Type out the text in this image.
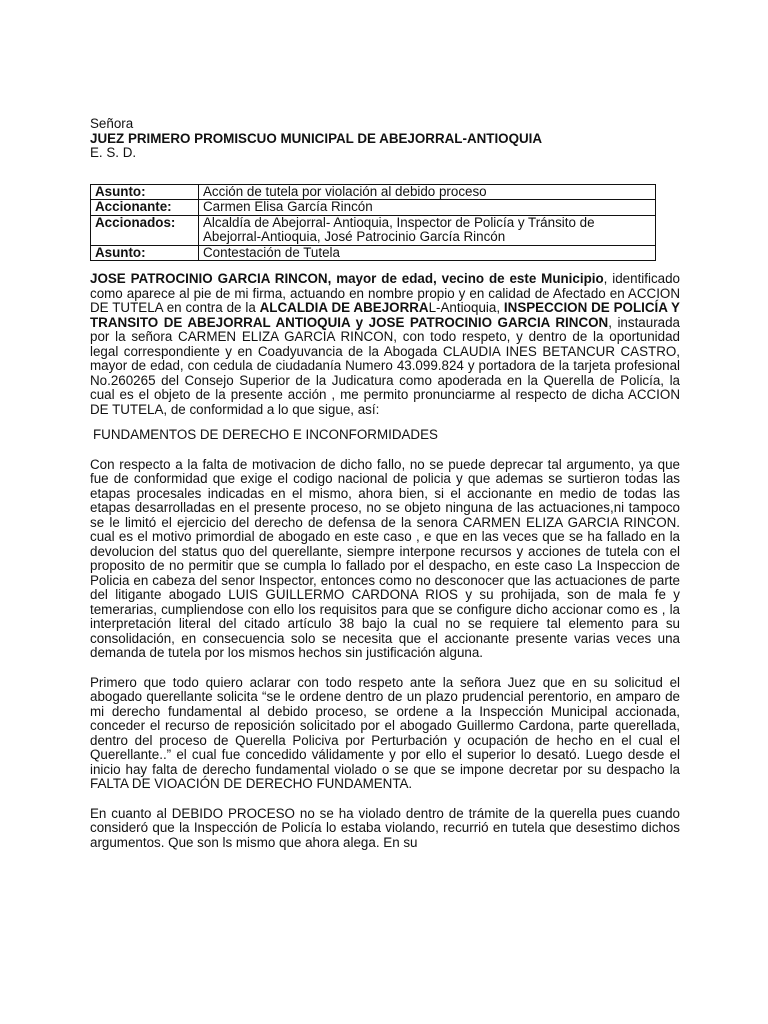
Señora
JUEZ PRIMERO PROMISCUO MUNICIPAL DE ABEJORRAL-ANTIOQUIA
E. S. D.
Asunto:	Acción de tutela por violación al debido proceso
Accionante:	Carmen Elisa García Rincón
Accionados:	Alcaldía de Abejorral- Antioquia, Inspector de Policía y Tránsito de Abejorral-Antioquia, José Patrocinio García Rincón
Asunto:	Contestación de Tutela

JOSE PATROCINIO GARCIA RINCON, mayor de edad, vecino de este Municipio, identificado como aparece al pie de mi firma, actuando en nombre propio y en calidad de Afectado en ACCION DE TUTELA en contra de la ALCALDIA DE ABEJORRAL-Antioquia, INSPECCION DE POLICÍA Y TRANSITO DE ABEJORRAL ANTIOQUIA y JOSE PATROCINIO GARCIA RINCON, instaurada por la señora CARMEN ELIZA GARCIA RINCON, con todo respeto, y dentro de la oportunidad legal correspondiente y en Coadyuvancia de la Abogada CLAUDIA INES BETANCUR CASTRO, mayor de edad, con cedula de ciudadanía Numero 43.099.824 y portadora de la tarjeta profesional No.260265 del Consejo Superior de la Judicatura como apoderada en la Querella de Policía, la cual es el objeto de la presente acción , me permito pronunciarme al respecto de dicha ACCION DE TUTELA, de conformidad a lo que sigue, así:

FUNDAMENTOS DE DERECHO E INCONFORMIDADES

Con respecto a la falta de motivacion de dicho fallo, no se puede deprecar tal argumento, ya que fue de conformidad que exige el codigo nacional de policia y que ademas se surtieron todas las etapas procesales indicadas en el mismo, ahora bien, si el accionante en medio de todas las etapas desarrolladas en el presente proceso, no se objeto ninguna de las actuaciones,ni tampoco se le limitó el ejercicio del derecho de defensa de la senora CARMEN ELIZA GARCIA RINCON. cual es el motivo primordial de abogado en este caso , e que en las veces que se ha fallado en la devolucion del status quo del querellante, siempre interpone recursos y acciones de tutela con el proposito de no permitir que se cumpla lo fallado por el despacho, en este caso La Inspeccion de Policia en cabeza del senor Inspector, entonces como no desconocer que las actuaciones de parte del litigante abogado LUIS GUILLERMO CARDONA RIOS y su prohijada, son de mala fe y temerarias, cumpliendose con ello los requisitos para que se configure dicho accionar como es , la interpretación literal del citado artículo 38 bajo la cual no se requiere tal elemento para su consolidación, en consecuencia solo se necesita que el accionante presente varias veces una demanda de tutela por los mismos hechos sin justificación alguna.

Primero que todo quiero aclarar con todo respeto ante la señora Juez que en su solicitud el abogado querellante solicita “se le ordene dentro de un plazo prudencial perentorio, en amparo de mi derecho fundamental al debido proceso, se ordene a la Inspección Municipal accionada, conceder el recurso de reposición solicitado por el abogado Guillermo Cardona, parte querellada, dentro del proceso de Querella Policiva por Perturbación y ocupación de hecho en el cual el Querellante..” el cual fue concedido válidamente y por ello el superior lo desató. Luego desde el inicio hay falta de derecho fundamental violado o se que se impone decretar por su despacho la FALTA DE VIOACIÓN DE DERECHO FUNDAMENTA.

En cuanto al DEBIDO PROCESO no se ha violado dentro de trámite de la querella pues cuando consideró que la Inspección de Policía lo estaba violando, recurrió en tutela que desestimo dichos argumentos. Que son ls mismo que ahora alega. En su
